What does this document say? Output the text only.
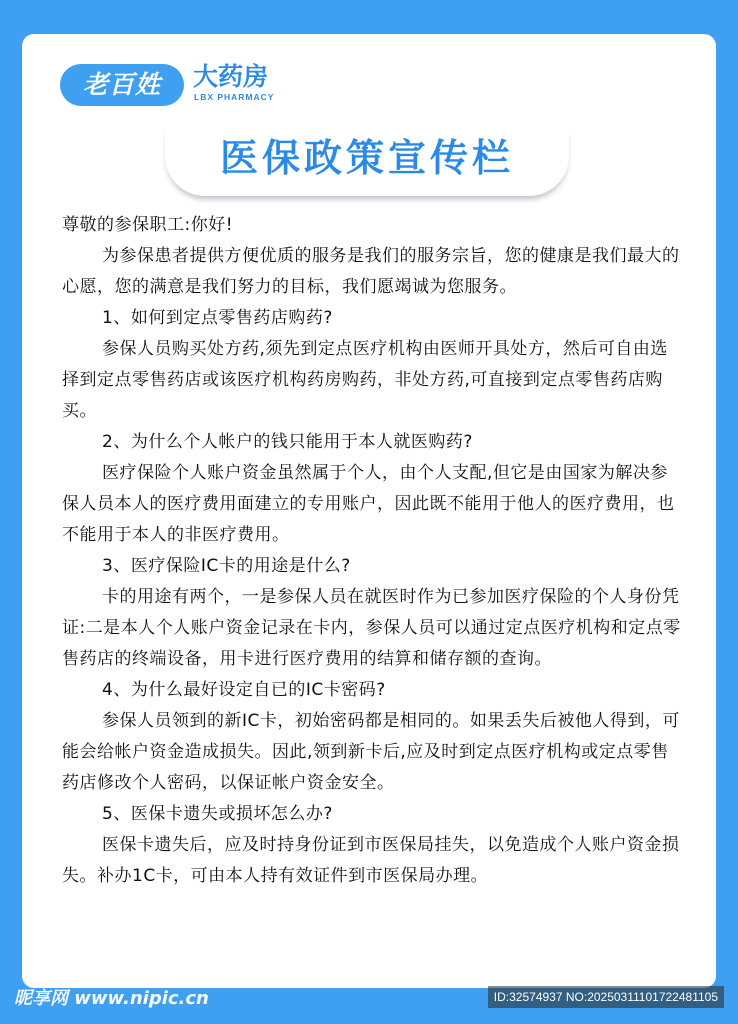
老百姓	大药房
LBX PHARMACY
医保政策宣传栏

尊敬的参保职工:你好!

为参保患者提供方便优质的服务是我们的服务宗旨，您的健康是我们最大的心愿，您的满意是我们努力的目标，我们愿竭诚为您服务。

1、如何到定点零售药店购药?

参保人员购买处方药,须先到定点医疗机构由医师开具处方，然后可自由选择到定点零售药店或该医疗机构药房购药，非处方药,可直接到定点零售药店购买。

2、为什么个人帐户的钱只能用于本人就医购药?

医疗保险个人账户资金虽然属于个人，由个人支配,但它是由国家为解决参保人员本人的医疗费用面建立的专用账户，因此既不能用于他人的医疗费用，也不能用于本人的非医疗费用。

3、医疗保险IC卡的用途是什么?

卡的用途有两个，一是参保人员在就医时作为已参加医疗保险的个人身份凭证:二是本人个人账户资金记录在卡内，参保人员可以通过定点医疗机构和定点零售药店的终端设备，用卡进行医疗费用的结算和储存额的查询。

4、为什么最好设定自已的IC卡密码?

参保人员领到的新IC卡，初始密码都是相同的。如果丢失后被他人得到，可能会给帐户资金造成损失。因此,领到新卡后,应及时到定点医疗机构或定点零售药店修改个人密码，以保证帐户资金安全。

5、医保卡遗失或损坏怎么办?

医保卡遗失后，应及时持身份证到市医保局挂失，以免造成个人账户资金损失。补办1C卡，可由本人持有效证件到市医保局办理。

昵享网 www.nipic.cn	ID:32574937 NO:20250311101722481105
